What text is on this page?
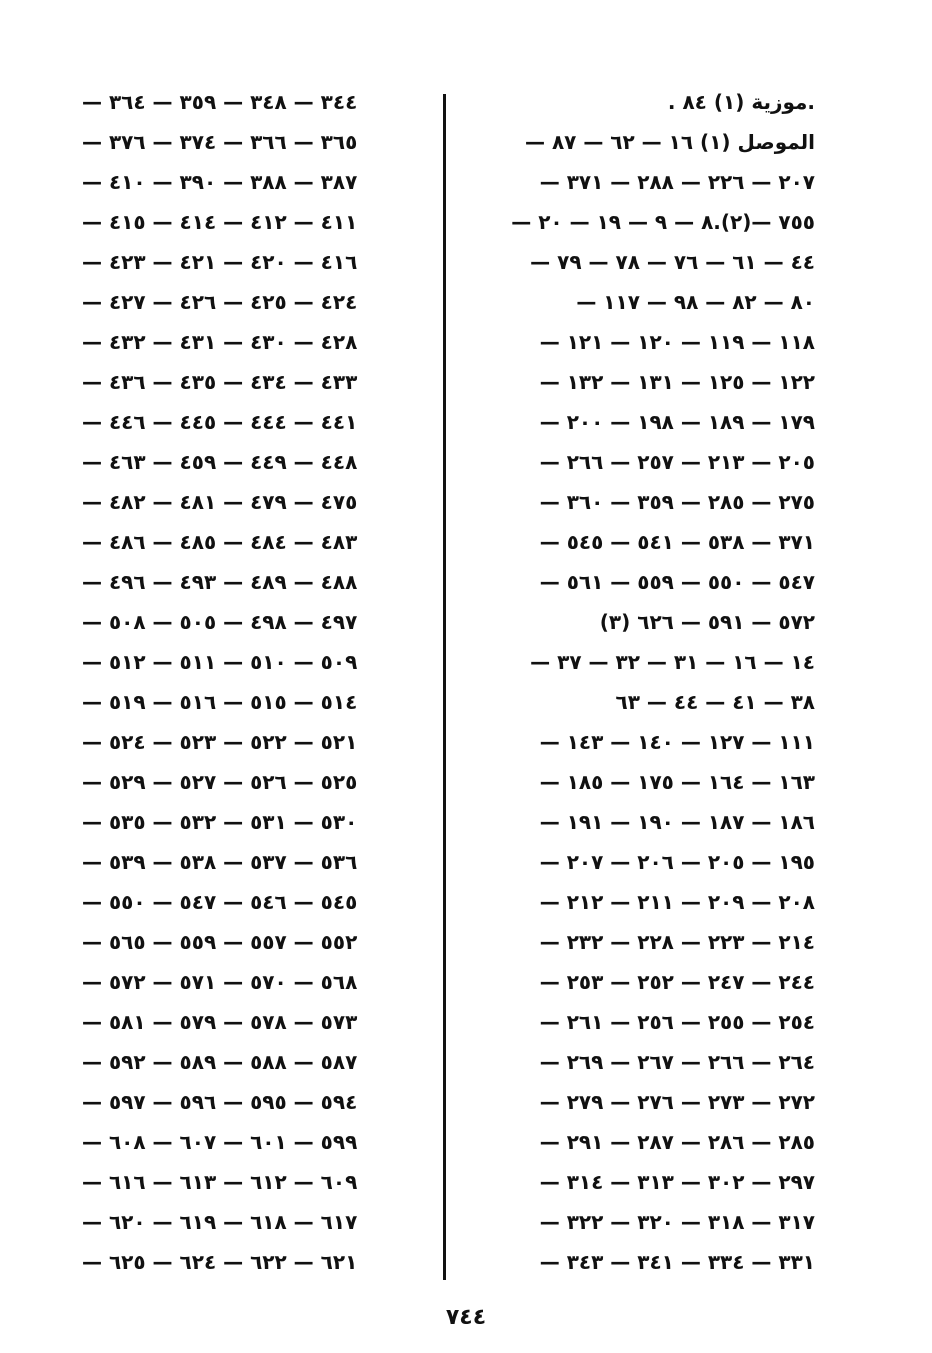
.موزية (١) ٨٤ .
الموصل (١) ١٦ — ٦٢ — ٨٧ —
٢٠٧ — ٢٢٦ — ٢٨٨ — ٣٧١ —
٧٥٥ —(٢).٨ — ٩ — ١٩ — ٢٠ —
٤٤ — ٦١ — ٧٦ — ٧٨ — ٧٩ —
٨٠ — ٨٢ — ٩٨ — ١١٧ —
١١٨ — ١١٩ — ١٢٠ — ١٢١ —
١٢٢ — ١٢٥ — ١٣١ — ١٣٢ —
١٧٩ — ١٨٩ — ١٩٨ — ٢٠٠ —
٢٠٥ — ٢١٣ — ٢٥٧ — ٢٦٦ —
٢٧٥ — ٢٨٥ — ٣٥٩ — ٣٦٠ —
٣٧١ — ٥٣٨ — ٥٤١ — ٥٤٥ —
٥٤٧ — ٥٥٠ — ٥٥٩ — ٥٦١ —
٥٧٢ — ٥٩١ — ٦٢٦ (٣)
١٤ — ١٦ — ٣١ — ٣٢ — ٣٧ —
٣٨ — ٤١ — ٤٤ — ٦٣
١١١ — ١٢٧ — ١٤٠ — ١٤٣ —
١٦٣ — ١٦٤ — ١٧٥ — ١٨٥ —
١٨٦ — ١٨٧ — ١٩٠ — ١٩١ —
١٩٥ — ٢٠٥ — ٢٠٦ — ٢٠٧ —
٢٠٨ — ٢٠٩ — ٢١١ — ٢١٢ —
٢١٤ — ٢٢٣ — ٢٢٨ — ٢٣٢ —
٢٤٤ — ٢٤٧ — ٢٥٢ — ٢٥٣ —
٢٥٤ — ٢٥٥ — ٢٥٦ — ٢٦١ —
٢٦٤ — ٢٦٦ — ٢٦٧ — ٢٦٩ —
٢٧٢ — ٢٧٣ — ٢٧٦ — ٢٧٩ —
٢٨٥ — ٢٨٦ — ٢٨٧ — ٢٩١ —
٢٩٧ — ٣٠٢ — ٣١٣ — ٣١٤ —
٣١٧ — ٣١٨ — ٣٢٠ — ٣٢٢ —
٣٣١ — ٣٣٤ — ٣٤١ — ٣٤٣ —
٣٤٤ — ٣٤٨ — ٣٥٩ — ٣٦٤ —
٣٦٥ — ٣٦٦ — ٣٧٤ — ٣٧٦ —
٣٨٧ — ٣٨٨ — ٣٩٠ — ٤١٠ —
٤١١ — ٤١٢ — ٤١٤ — ٤١٥ —
٤١٦ — ٤٢٠ — ٤٢١ — ٤٢٣ —
٤٢٤ — ٤٢٥ — ٤٢٦ — ٤٢٧ —
٤٢٨ — ٤٣٠ — ٤٣١ — ٤٣٢ —
٤٣٣ — ٤٣٤ — ٤٣٥ — ٤٣٦ —
٤٤١ — ٤٤٤ — ٤٤٥ — ٤٤٦ —
٤٤٨ — ٤٤٩ — ٤٥٩ — ٤٦٣ —
٤٧٥ — ٤٧٩ — ٤٨١ — ٤٨٢ —
٤٨٣ — ٤٨٤ — ٤٨٥ — ٤٨٦ —
٤٨٨ — ٤٨٩ — ٤٩٣ — ٤٩٦ —
٤٩٧ — ٤٩٨ — ٥٠٥ — ٥٠٨ —
٥٠٩ — ٥١٠ — ٥١١ — ٥١٢ —
٥١٤ — ٥١٥ — ٥١٦ — ٥١٩ —
٥٢١ — ٥٢٢ — ٥٢٣ — ٥٢٤ —
٥٢٥ — ٥٢٦ — ٥٢٧ — ٥٢٩ —
٥٣٠ — ٥٣١ — ٥٣٢ — ٥٣٥ —
٥٣٦ — ٥٣٧ — ٥٣٨ — ٥٣٩ —
٥٤٥ — ٥٤٦ — ٥٤٧ — ٥٥٠ —
٥٥٢ — ٥٥٧ — ٥٥٩ — ٥٦٥ —
٥٦٨ — ٥٧٠ — ٥٧١ — ٥٧٢ —
٥٧٣ — ٥٧٨ — ٥٧٩ — ٥٨١ —
٥٨٧ — ٥٨٨ — ٥٨٩ — ٥٩٢ —
٥٩٤ — ٥٩٥ — ٥٩٦ — ٥٩٧ —
٥٩٩ — ٦٠١ — ٦٠٧ — ٦٠٨ —
٦٠٩ — ٦١٢ — ٦١٣ — ٦١٦ —
٦١٧ — ٦١٨ — ٦١٩ — ٦٢٠ —
٦٢١ — ٦٢٢ — ٦٢٤ — ٦٢٥ —
٧٤٤
